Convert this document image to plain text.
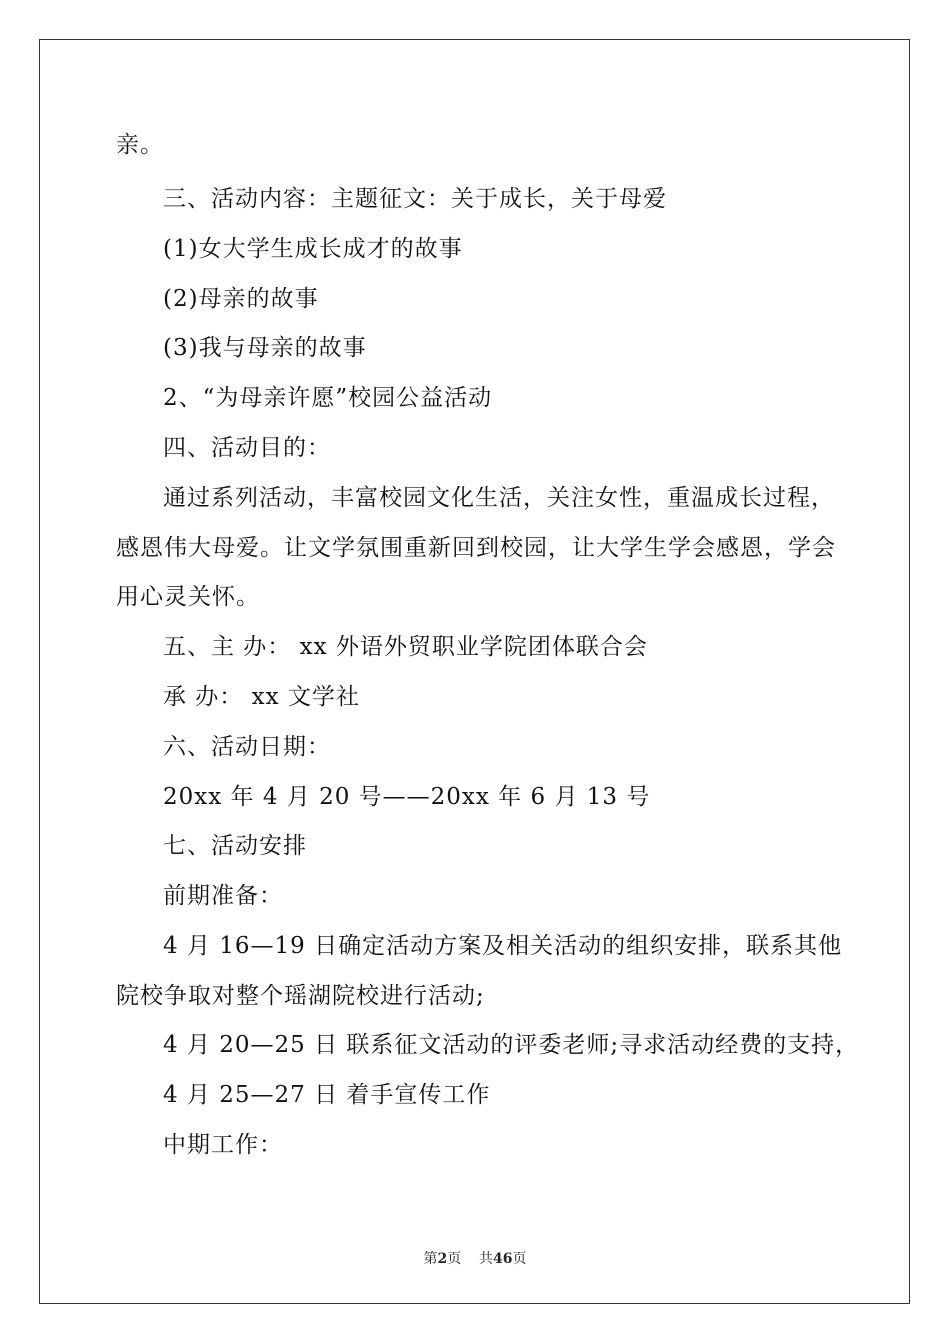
亲。
三、活动内容：主题征文：关于成长，关于母爱
(1)女大学生成长成才的故事
(2)母亲的故事
(3)我与母亲的故事
2、“为母亲许愿”校园公益活动
四、活动目的：
通过系列活动，丰富校园文化生活，关注女性，重温成长过程，
感恩伟大母爱。让文学氛围重新回到校园，让大学生学会感恩，学会
用心灵关怀。
五、主 办： xx 外语外贸职业学院团体联合会
承 办： xx 文学社
六、活动日期：
20xx 年 4 月 20 号——20xx 年 6 月 13 号
七、活动安排
前期准备：
4 月 16—19 日确定活动方案及相关活动的组织安排，联系其他
院校争取对整个瑶湖院校进行活动;
4 月 20—25 日 联系征文活动的评委老师;寻求活动经费的支持，
4 月 25—27 日 着手宣传工作
中期工作：
第2页 共46页
